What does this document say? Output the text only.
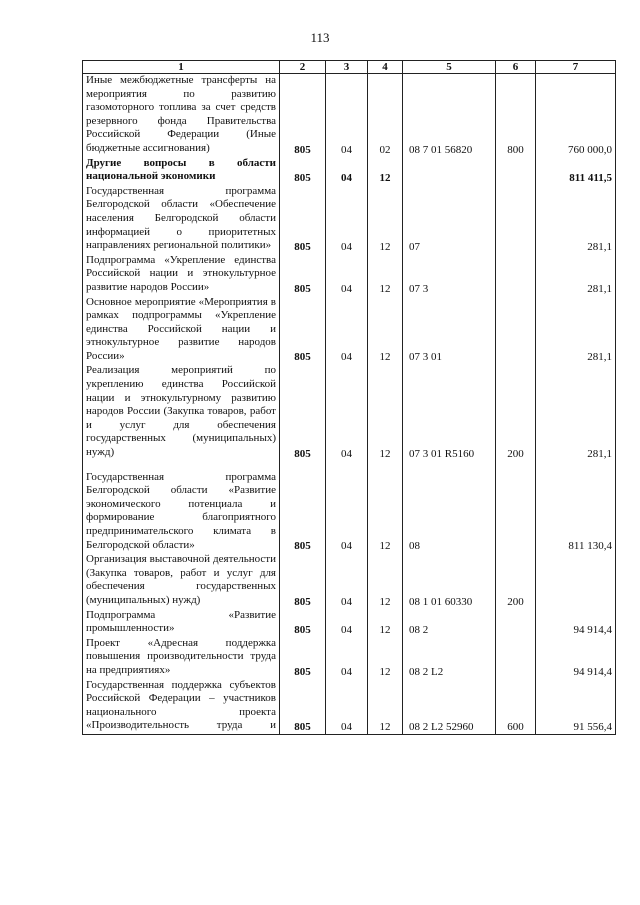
113
1	2	3	4	5	6	7
Иные межбюджетные трансферты на мероприятия по развитию газомоторного топлива за счет средств резервного фонда Правительства Российской Федерации (Иные бюджетные ассигнования)	805	04	02	08 7 01 56820	800	760 000,0
Другие вопросы в области национальной экономики	805	04	12			811 411,5
Государственная программа Белгородской области «Обеспечение населения Белгородской области информацией о приоритетных направлениях региональной политики»	805	04	12	07		281,1
Подпрограмма «Укрепление единства Российской нации и этнокультурное развитие народов России»	805	04	12	07 3		281,1
Основное мероприятие «Мероприятия в рамках подпрограммы «Укрепление единства Российской нации и этнокультурное развитие народов России»	805	04	12	07 3 01		281,1
Реализация мероприятий по укреплению единства Российской нации и этнокультурному развитию народов России (Закупка товаров, работ и услуг для обеспечения государственных (муниципальных) нужд)	805	04	12	07 3 01 R5160	200	281,1
Государственная программа Белгородской области «Развитие экономического потенциала и формирование благоприятного предпринимательского климата в Белгородской области»	805	04	12	08		811 130,4
Организация выставочной деятельности (Закупка товаров, работ и услуг для обеспечения государственных (муниципальных) нужд)	805	04	12	08 1 01 60330	200	
Подпрограмма «Развитие промышленности»	805	04	12	08 2		94 914,4
Проект «Адресная поддержка повышения производительности труда на предприятиях»	805	04	12	08 2 L2		94 914,4
Государственная поддержка субъектов Российской Федерации – участников национального проекта «Производительность труда и	805	04	12	08 2 L2 52960	600	91 556,4
